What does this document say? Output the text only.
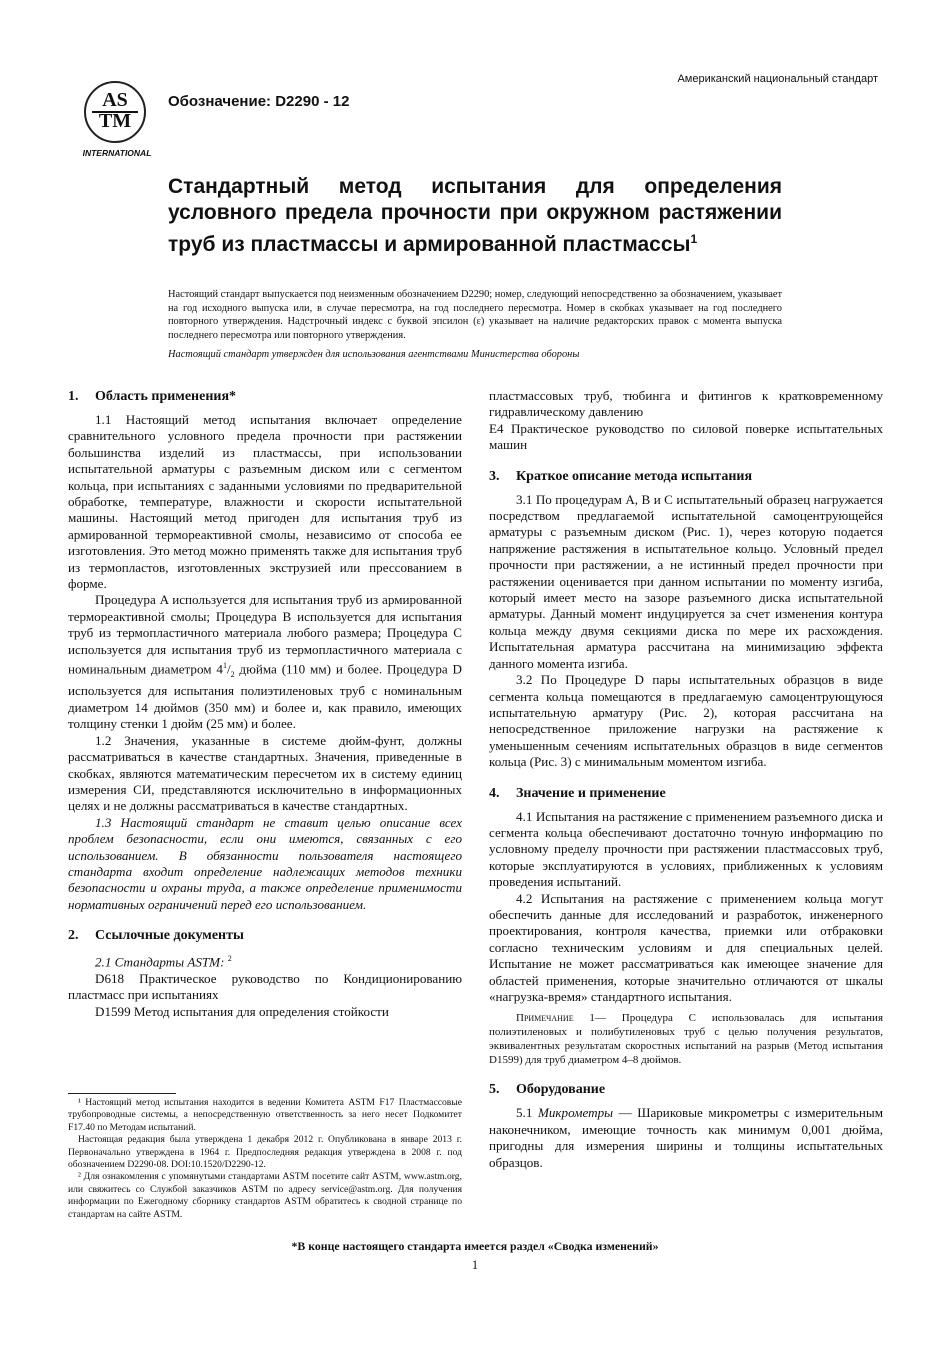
Американский национальный стандарт
AS
TM
INTERNATIONAL
Обозначение: D2290 - 12
Стандартный метод испытания для определения условного предела прочности при окружном растяжении труб из пластмассы и армированной пластмассы$^1$
Настоящий стандарт выпускается под неизменным обозначением D2290; номер, следующий непосредственно за обозначением, указывает на год исходного выпуска или, в случае пересмотра, на год последнего пересмотра. Номер в скобках указывает на год последнего повторного утверждения. Надстрочный индекс с буквой эпсилон (ε) указывает на наличие редакторских правок с момента выпуска последнего пересмотра или повторного утверждения.
Настоящий стандарт утвержден для использования агентствами Министерства обороны
1. Область применения*

1.1 Настоящий метод испытания включает определение сравнительного условного предела прочности при растяжении большинства изделий из пластмассы, при использовании испытательной арматуры с разъемным диском или с сегментом кольца, при испытаниях с заданными условиями по предварительной обработке, температуре, влажности и скорости испытательной машины. Настоящий метод пригоден для испытания труб из армированной термореактивной смолы, независимо от способа ее изготовления. Это метод можно применять также для испытания труб из термопластов, изготовленных экструзией или прессованием в форме.

Процедура A используется для испытания труб из армированной термореактивной смолы; Процедура B используется для испытания труб из термопластичного материала любого размера; Процедура C используется для испытания труб из термопластичного материала с номинальным диаметром $4^1/_2$ дюйма (110 мм) и более. Процедура D используется для испытания полиэтиленовых труб с номинальным диаметром 14 дюймов (350 мм) и более и, как правило, имеющих толщину стенки 1 дюйм (25 мм) и более.

1.2 Значения, указанные в системе дюйм-фунт, должны рассматриваться в качестве стандартных. Значения, приведенные в скобках, являются математическим пересчетом их в систему единиц измерения СИ, представляются исключительно в информационных целях и не должны рассматриваться в качестве стандартных.

1.3 Настоящий стандарт не ставит целью описание всех проблем безопасности, если они имеются, связанных с его использованием. В обязанности пользователя настоящего стандарта входит определение надлежащих методов техники безопасности и охраны труда, а также определение применимости нормативных ограничений перед его использованием.

2. Ссылочные документы

2.1 Стандарты ASTM: $^2$

D618 Практическое руководство по Кондиционированию пластмасс при испытаниях

D1599 Метод испытания для определения стойкости

¹ Настоящий метод испытания находится в ведении Комитета ASTM F17 Пластмассовые трубопроводные системы, а непосредственную ответственность за него несет Подкомитет F17.40 по Методам испытаний.

Настоящая редакция была утверждена 1 декабря 2012 г. Опубликована в январе 2013 г. Первоначально утверждена в 1964 г. Предпоследняя редакция утверждена в 2008 г. под обозначением D2290-08. DOI:10.1520/D2290-12.

² Для ознакомления с упомянутыми стандартами ASTM посетите сайт ASTM, www.astm.org, или свяжитесь со Службой заказчиков ASTM по адресу service@astm.org. Для получения информации по Ежегодному сборнику стандартов ASTM обратитесь к сводной странице по стандартам на сайте ASTM.

пластмассовых труб, тюбинга и фитингов к кратковременному гидравлическому давлению

E4 Практическое руководство по силовой поверке испытательных машин

3. Краткое описание метода испытания

3.1 По процедурам A, B и C испытательный образец нагружается посредством предлагаемой испытательной самоцентрующейся арматуры с разъемным диском (Рис. 1), через которую подается напряжение растяжения в испытательное кольцо. Условный предел прочности при растяжении, а не истинный предел прочности при растяжении оценивается при данном испытании по моменту изгиба, который имеет место на зазоре разъемного диска испытательной арматуры. Данный момент индуцируется за счет изменения контура кольца между двумя секциями диска по мере их расхождения. Испытательная арматура рассчитана на минимизацию эффекта данного момента изгиба.

3.2 По Процедуре D пары испытательных образцов в виде сегмента кольца помещаются в предлагаемую самоцентрующуюся испытательную арматуру (Рис. 2), которая рассчитана на непосредственное приложение нагрузки на растяжение к уменьшенным сечениям испытательных образцов в виде сегментов кольца (Рис. 3) с минимальным моментом изгиба.

4. Значение и применение

4.1 Испытания на растяжение с применением разъемного диска и сегмента кольца обеспечивают достаточно точную информацию по условному пределу прочности при растяжении пластмассовых труб, которые эксплуатируются в условиях, приближенных к условиям проведения испытаний.

4.2 Испытания на растяжение с применением кольца могут обеспечить данные для исследований и разработок, инженерного проектирования, контроля качества, приемки или отбраковки согласно техническим условиям и для специальных целей. Испытание не может рассматриваться как имеющее значение для областей применения, которые значительно отличаются от шкалы «нагрузка-время» стандартного испытания.

Примечание 1— Процедура С использовалась для испытания полиэтиленовых и полибутиленовых труб с целью получения результатов, эквивалентных результатам скоростных испытаний на разрыв (Метод испытания D1599) для труб диаметром 4–8 дюймов.

5. Оборудование

5.1 Микрометры — Шариковые микрометры с измерительным наконечником, имеющие точность как минимум 0,001 дюйма, пригодны для измерения ширины и толщины испытательных образцов.

*В конце настоящего стандарта имеется раздел «Сводка изменений»
1
